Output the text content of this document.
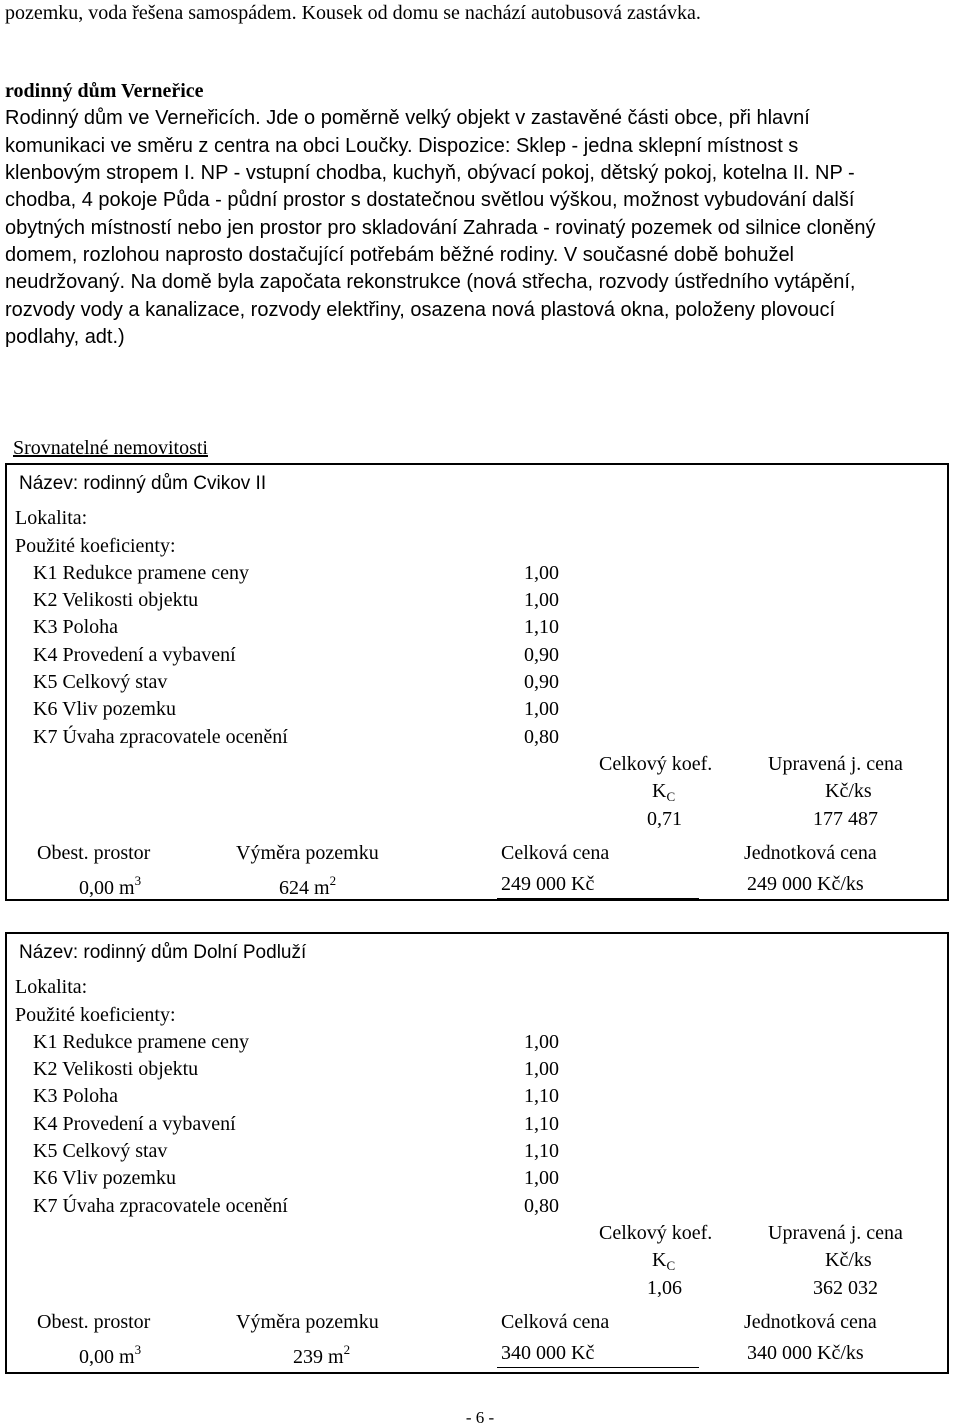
pozemku, voda řešena samospádem. Kousek od domu se nachází autobusová zastávka.
rodinný dům Verneřice
Rodinný dům ve Verneřicích. Jde o poměrně velký objekt v zastavěné části obce, při hlavní
komunikaci ve směru z centra na obci Loučky. Dispozice: Sklep - jedna sklepní místnost s
klenbovým stropem I. NP - vstupní chodba, kuchyň, obývací pokoj, dětský pokoj, kotelna II. NP -
chodba, 4 pokoje Půda - půdní prostor s dostatečnou světlou výškou, možnost vybudování další
obytných místností nebo jen prostor pro skladování Zahrada - rovinatý pozemek od silnice cloněný
domem, rozlohou naprosto dostačující potřebám běžné rodiny. V současné době bohužel
neudržovaný. Na domě byla započata rekonstrukce (nová střecha, rozvody ústředního vytápění,
rozvody vody a kanalizace, rozvody elektřiny, osazena nová plastová okna, položeny plovoucí
podlahy, adt.)
Srovnatelné nemovitosti
Název: rodinný dům Cvikov II
Lokalita:
Použité koeficienty:
K1 Redukce pramene ceny	1,00
K2 Velikosti objektu	1,00
K3 Poloha	1,10
K4 Provedení a vybavení	0,90
K5 Celkový stav	0,90
K6 Vliv pozemku	1,00
K7 Úvaha zpracovatele ocenění	0,80
Celkový koef.	Upravená j. cena
$K_C$	Kč/ks
0,71	177 487
Obest. prostor	Výměra pozemku	Celková cena	Jednotková cena
0,00 $m^3$	624 $m^2$	249 000 Kč	249 000 Kč/ks
Název: rodinný dům Dolní Podluží
Lokalita:
Použité koeficienty:
K1 Redukce pramene ceny	1,00
K2 Velikosti objektu	1,00
K3 Poloha	1,10
K4 Provedení a vybavení	1,10
K5 Celkový stav	1,10
K6 Vliv pozemku	1,00
K7 Úvaha zpracovatele ocenění	0,80
Celkový koef.	Upravená j. cena
$K_C$	Kč/ks
1,06	362 032
Obest. prostor	Výměra pozemku	Celková cena	Jednotková cena
0,00 $m^3$	239 $m^2$	340 000 Kč	340 000 Kč/ks
- 6 -
